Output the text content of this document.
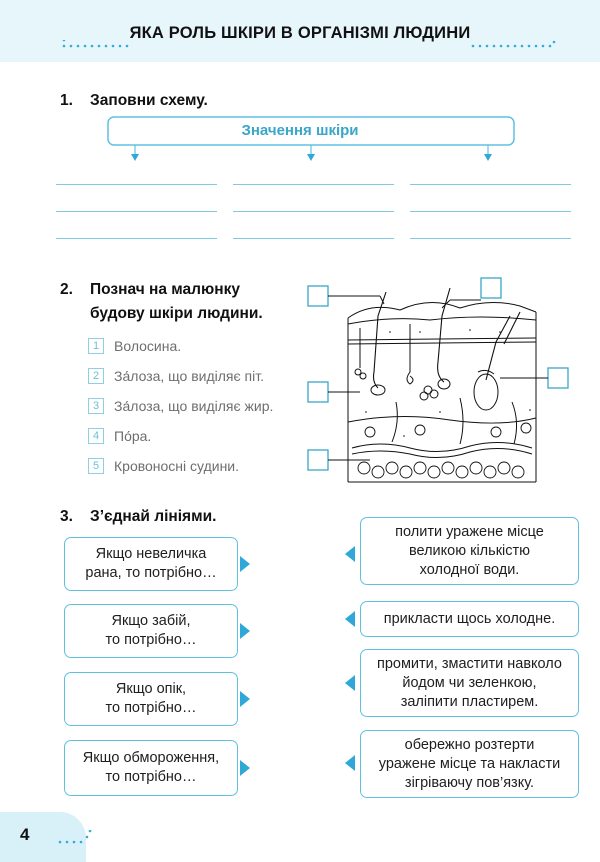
ЯКА РОЛЬ ШКІРИ В ОРГАНІЗМІ ЛЮДИНИ
1. Заповни схему.
Значення шкіри
2. Познач на малюнку
будову шкіри людини.
1	Волосина.
2	За́лоза, що виділяє піт.
3	За́лоза, що виділяє жир.
4	По́ра.
5	Кровоносні судини.
3. З’єднай лініями.
Якщо невеличка
рана, то потрібно…
Якщо забій,
то потрібно…
Якщо опік,
то потрібно…
Якщо обмороження,
то потрібно…
полити уражене місце
великою кількістю
холодної води.
прикласти щось холодне.
промити, змастити навколо
йодом чи зеленкою,
заліпити пластирем.
обережно розтерти
уражене місце та накласти
зігріваючу пов’язку.
4
